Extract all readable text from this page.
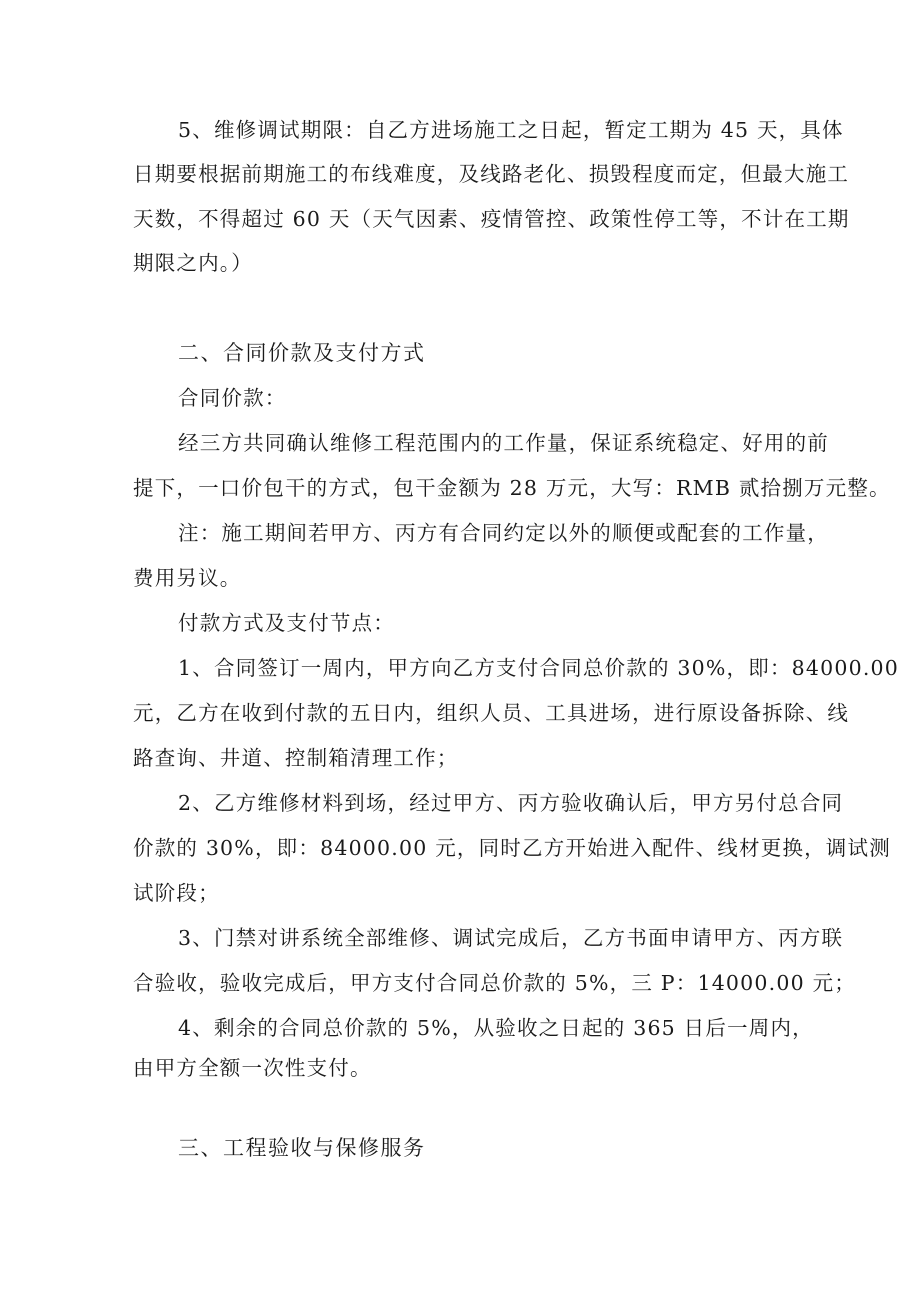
5、维修调试期限：自乙方进场施工之日起，暂定工期为 45 天，具体
日期要根据前期施工的布线难度，及线路老化、损毁程度而定，但最大施工
天数，不得超过 60 天（天气因素、疫情管控、政策性停工等，不计在工期
期限之内。）
二、合同价款及支付方式
合同价款：
经三方共同确认维修工程范围内的工作量，保证系统稳定、好用的前
提下，一口价包干的方式，包干金额为 28 万元，大写：RMB 贰拾捌万元整。
注：施工期间若甲方、丙方有合同约定以外的顺便或配套的工作量，
费用另议。
付款方式及支付节点：
1、合同签订一周内，甲方向乙方支付合同总价款的 30%，即：84000.00
元，乙方在收到付款的五日内，组织人员、工具进场，进行原设备拆除、线
路查询、井道、控制箱清理工作；
2、乙方维修材料到场，经过甲方、丙方验收确认后，甲方另付总合同
价款的 30%，即：84000.00 元，同时乙方开始进入配件、线材更换，调试测
试阶段；
3、门禁对讲系统全部维修、调试完成后，乙方书面申请甲方、丙方联
合验收，验收完成后，甲方支付合同总价款的 5%，三 P：14000.00 元；
4、剩余的合同总价款的 5%，从验收之日起的 365 日后一周内，
由甲方全额一次性支付。
三、工程验收与保修服务
